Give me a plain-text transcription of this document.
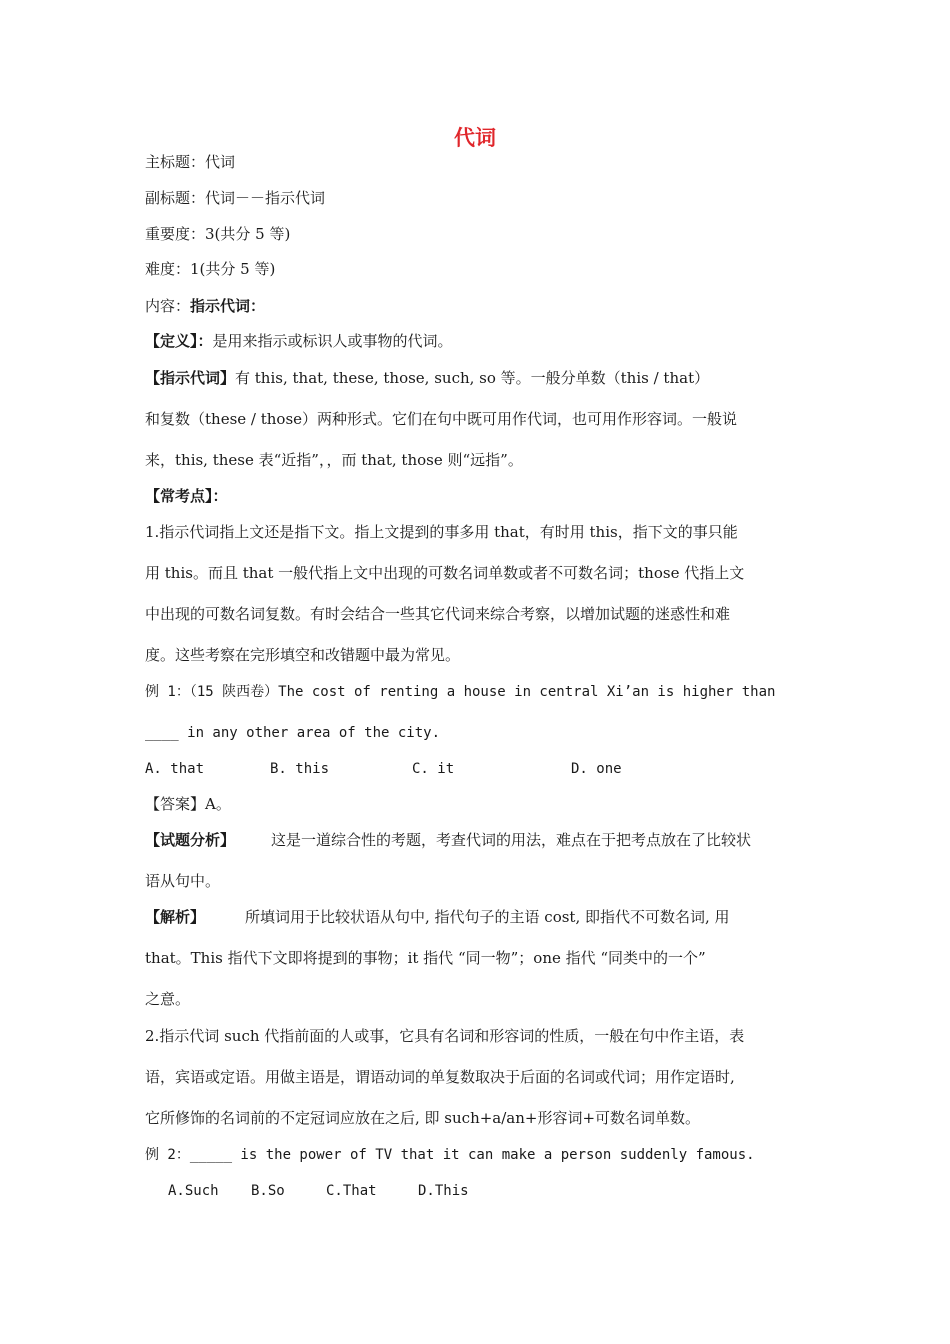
代词
主标题：代词
副标题：代词－－指示代词
重要度：3(共分 5 等)
难度：1(共分 5 等)
内容：指示代词：
【定义】：是用来指示或标识人或事物的代词。
【指示代词】有 this, that, these, those, such, so 等。一般分单数（this / that）
和复数（these / those）两种形式。它们在句中既可用作代词，也可用作形容词。一般说
来，this, these 表“近指”，，而 that, those 则“远指”。
【常考点】：
1.指示代词指上文还是指下文。指上文提到的事多用 that，有时用 this，指下文的事只能
用 this。而且 that 一般代指上文中出现的可数名词单数或者不可数名词；those 代指上文
中出现的可数名词复数。有时会结合一些其它代词来综合考察，以增加试题的迷惑性和难
度。这些考察在完形填空和改错题中最为常见。
例 1：（15 陕西卷）The cost of renting a house in central Xi’an is higher than
____ in any other area of the city.
A. that	B. this	C. it	D. one
【答案】A。
【试题分析】 这是一道综合性的考题，考查代词的用法，难点在于把考点放在了比较状
语从句中。
【解析】	所填词用于比较状语从句中, 指代句子的主语 cost, 即指代不可数名词, 用
that。This 指代下文即将提到的事物；it 指代 “同一物”；one 指代 “同类中的一个”
之意。
2.指示代词 such 代指前面的人或事，它具有名词和形容词的性质，一般在句中作主语，表
语，宾语或定语。用做主语是，谓语动词的单复数取决于后面的名词或代词；用作定语时,
它所修饰的名词前的不定冠词应放在之后, 即 such+a/an+形容词+可数名词单数。
例 2：_____ is the power of TV that it can make a person suddenly famous.
A.Such B.So	C.That	D.This
